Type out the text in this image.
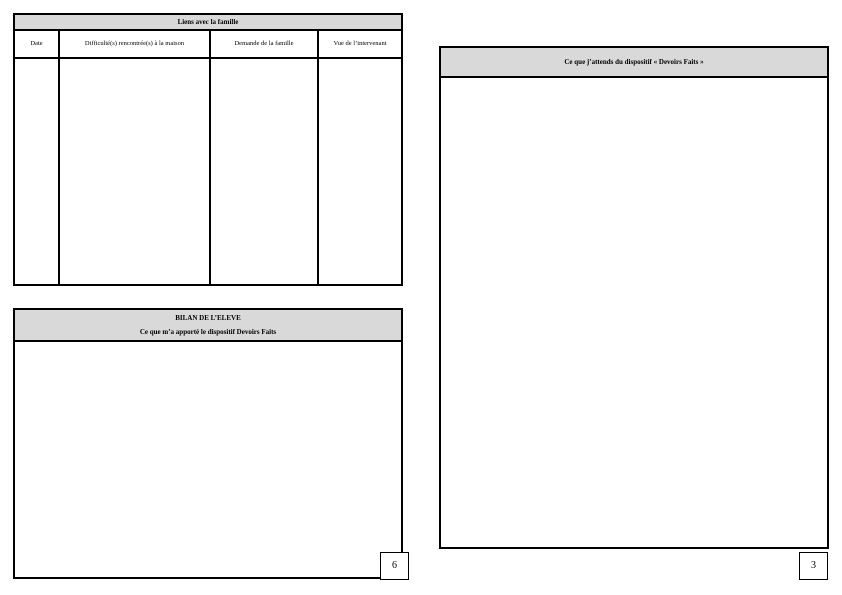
Liens avec la famille
Date	Difficulté(s) rencontrée(s) à la maison	Demande de la famille	Vue de l’intervenant
BILAN DE L’ELEVE
Ce que m’a apporté le dispositif Devoirs Faits
6
Ce que j’attends du dispositif « Devoirs Faits »
3
